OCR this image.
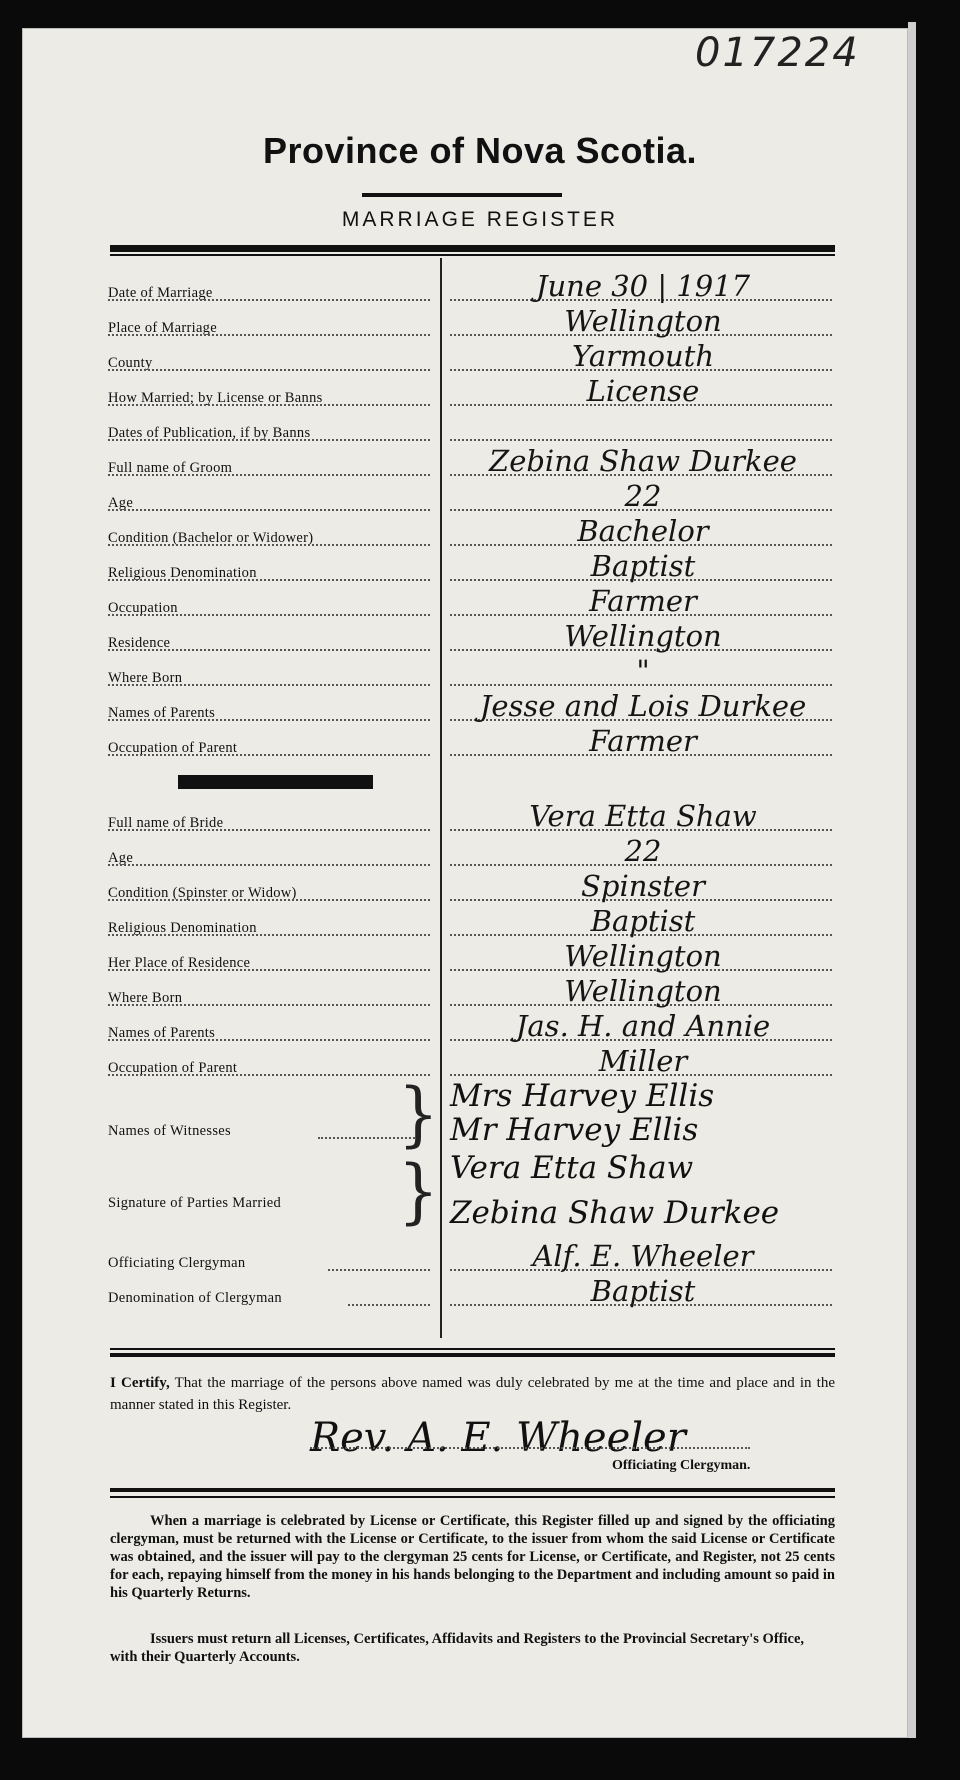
017224
Province of Nova Scotia.
MARRIAGE REGISTER
Date of Marriage	June 30 | 1917
Place of Marriage	Wellington
County	Yarmouth
How Married; by License or Banns	License
Dates of Publication, if by Banns
Full name of Groom	Zebina Shaw Durkee
Age	22
Condition (Bachelor or Widower)	Bachelor
Religious Denomination	Baptist
Occupation	Farmer
Residence	Wellington
Where Born	"
Names of Parents	Jesse and Lois Durkee
Occupation of Parent	Farmer
Full name of Bride	Vera Etta Shaw
Age	22
Condition (Spinster or Widow)	Spinster
Religious Denomination	Baptist
Her Place of Residence	Wellington
Where Born	Wellington
Names of Parents	Jas. H. and Annie
Occupation of Parent	Miller
Names of Witnesses	} Mrs Harvey Ellis
Mr Harvey Ellis
Signature of Parties Married } Vera Etta Shaw
Zebina Shaw Durkee
Officiating Clergyman	Alf. E. Wheeler
Denomination of Clergyman	Baptist
I Certify, That the marriage of the persons above named was duly celebrated by me at the time and place and in the manner stated in this Register.
Rev. A. E. Wheeler
Officiating Clergyman.
When a marriage is celebrated by License or Certificate, this Register filled up and signed by the officiating clergyman, must be returned with the License or Certificate, to the issuer from whom the said License or Certificate was obtained, and the issuer will pay to the clergyman 25 cents for License, or Certificate, and Register, not 25 cents for each, repaying himself from the money in his hands belonging to the Department and including amount so paid in his Quarterly Returns.
Issuers must return all Licenses, Certificates, Affidavits and Registers to the Provincial Secretary's Office, with their Quarterly Accounts.
